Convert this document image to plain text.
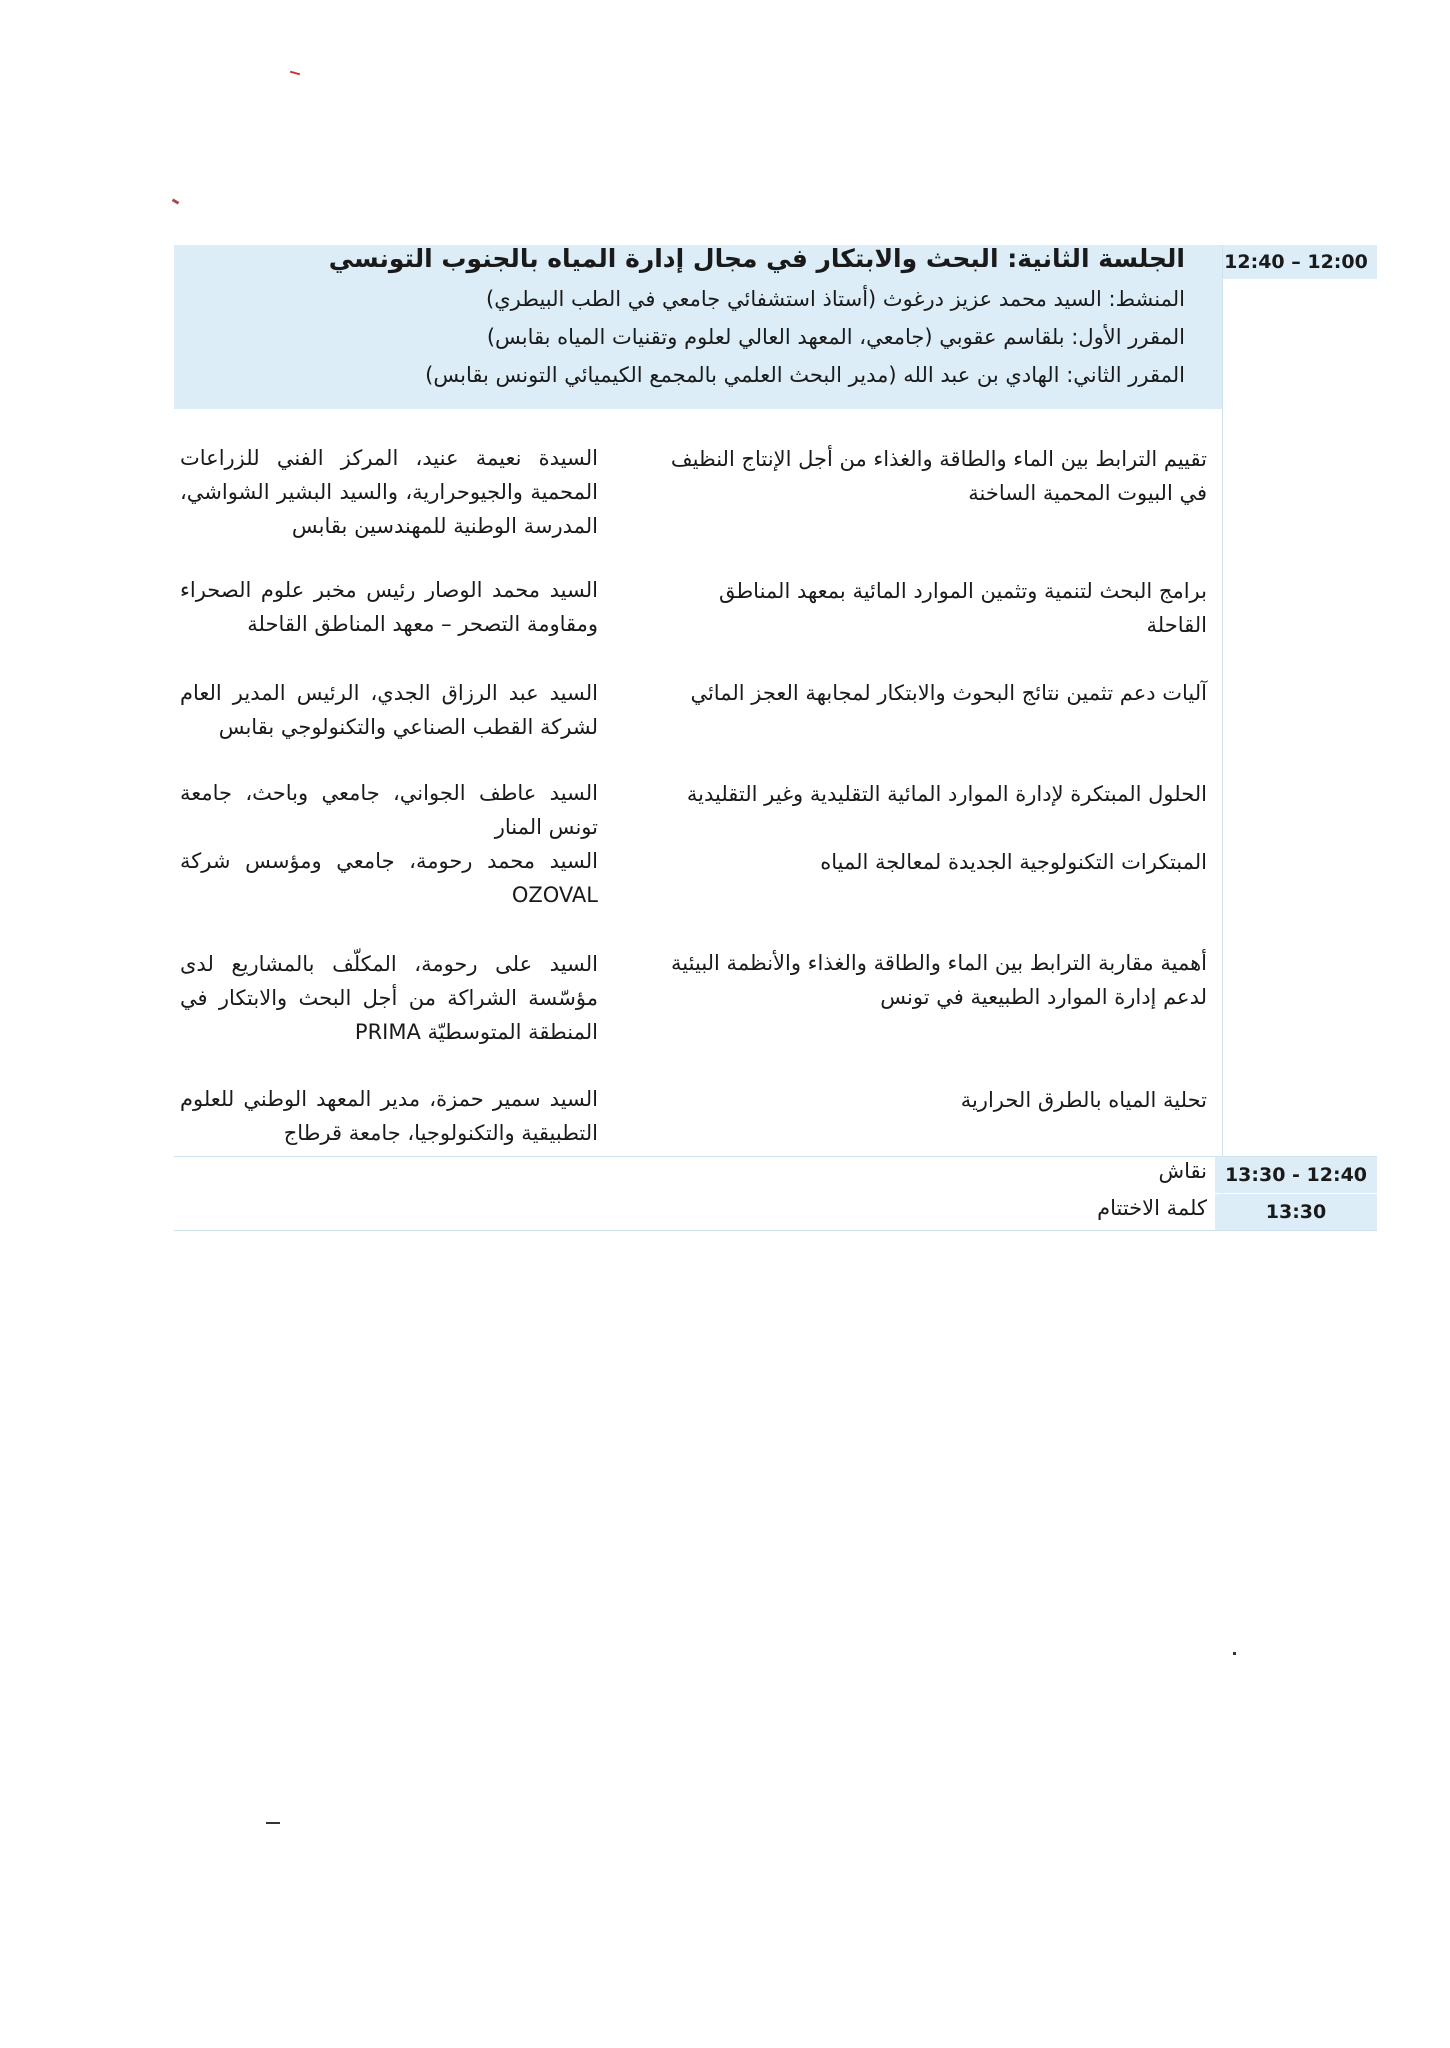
12:40 – 12:00
الجلسة الثانية: البحث والابتكار في مجال إدارة المياه بالجنوب التونسي
المنشط: السيد محمد عزيز درغوث (أستاذ استشفائي جامعي في الطب البيطري)
المقرر الأول: بلقاسم عقوبي (جامعي، المعهد العالي لعلوم وتقنيات المياه بقابس)
المقرر الثاني: الهادي بن عبد الله (مدير البحث العلمي بالمجمع الكيميائي التونس بقابس)
تقييم الترابط بين الماء والطاقة والغذاء من أجل الإنتاج النظيف في البيوت المحمية الساخنة
السيدة نعيمة عنيد، المركز الفني للزراعات المحمية والجيوحرارية، والسيد البشير الشواشي، المدرسة الوطنية للمهندسين بقابس
برامج البحث لتنمية وتثمين الموارد المائية بمعهد المناطق القاحلة
السيد محمد الوصار رئيس مخبر علوم الصحراء ومقاومة التصحر – معهد المناطق القاحلة
آليات دعم تثمين نتائج البحوث والابتكار لمجابهة العجز المائي
السيد عبد الرزاق الجدي، الرئيس المدير العام لشركة القطب الصناعي والتكنولوجي بقابس
الحلول المبتكرة لإدارة الموارد المائية التقليدية وغير التقليدية
السيد عاطف الجواني، جامعي وباحث، جامعة تونس المنار
المبتكرات التكنولوجية الجديدة لمعالجة المياه
السيد محمد رحومة، جامعي ومؤسس شركة OZOVAL
أهمية مقاربة الترابط بين الماء والطاقة والغذاء والأنظمة البيئية لدعم إدارة الموارد الطبيعية في تونس
السيد على رحومة، المكلّف بالمشاريع لدى مؤسّسة الشراكة من أجل البحث والابتكار في المنطقة المتوسطيّة PRIMA
تحلية المياه بالطرق الحرارية
السيد سمير حمزة، مدير المعهد الوطني للعلوم التطبيقية والتكنولوجيا، جامعة قرطاج
13:30 - 12:40
نقاش
13:30
كلمة الاختتام
